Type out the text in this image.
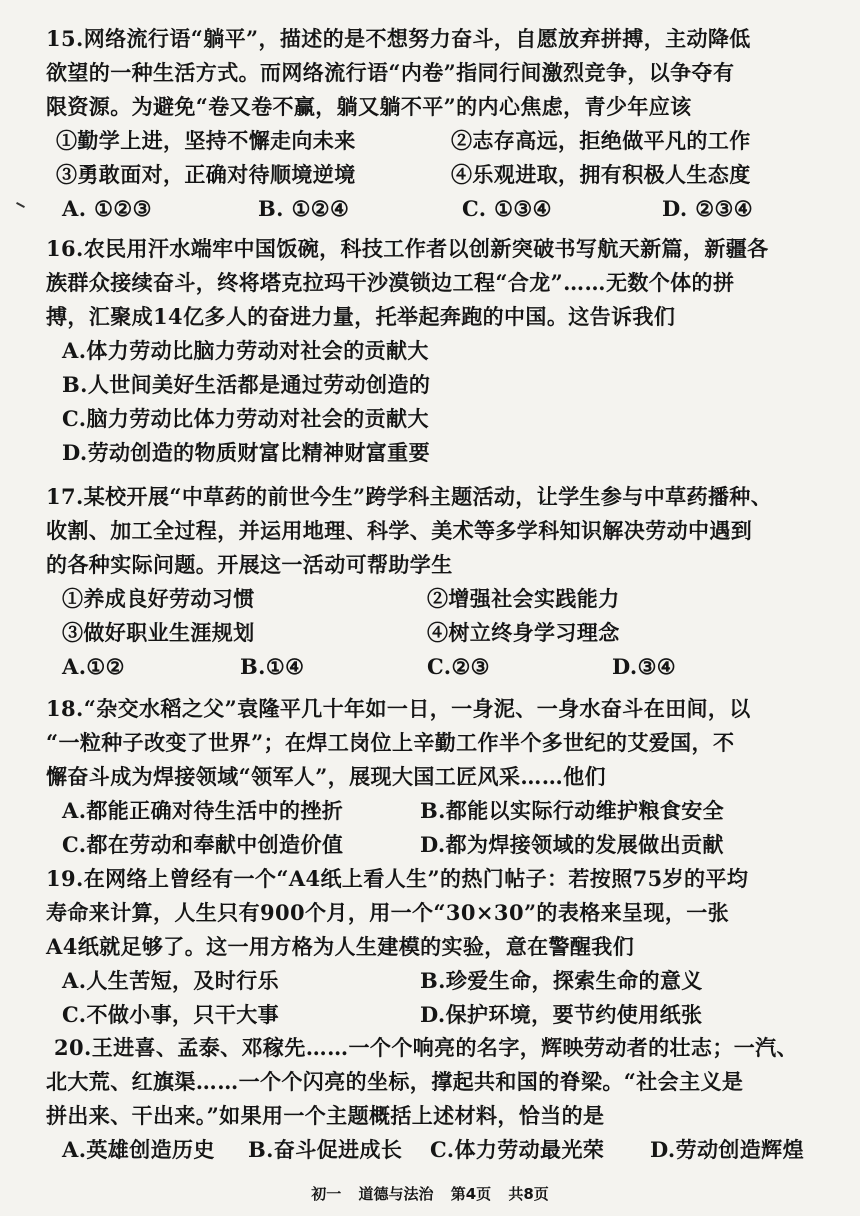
15.网络流行语“躺平”，描述的是不想努力奋斗，自愿放弃拼搏，主动降低

欲望的一种生活方式。而网络流行语“内卷”指同行间激烈竞争，以争夺有

限资源。为避免“卷又卷不赢，躺又躺不平”的内心焦虑，青少年应该

①勤学上进，坚持不懈走向未来	②志存高远，拒绝做平凡的工作
③勇敢面对，正确对待顺境逆境	④乐观进取，拥有积极人生态度
A. ①②③	B. ①②④	C. ①③④	D. ②③④

16.农民用汗水端牢中国饭碗，科技工作者以创新突破书写航天新篇，新疆各

族群众接续奋斗，终将塔克拉玛干沙漠锁边工程“合龙”……无数个体的拼

搏，汇聚成14亿多人的奋进力量，托举起奔跑的中国。这告诉我们

A.体力劳动比脑力劳动对社会的贡献大

B.人世间美好生活都是通过劳动创造的

C.脑力劳动比体力劳动对社会的贡献大

D.劳动创造的物质财富比精神财富重要

17.某校开展“中草药的前世今生”跨学科主题活动，让学生参与中草药播种、

收割、加工全过程，并运用地理、科学、美术等多学科知识解决劳动中遇到

的各种实际问题。开展这一活动可帮助学生

①养成良好劳动习惯	②增强社会实践能力
③做好职业生涯规划	④树立终身学习理念
A.①②	B.①④	C.②③	D.③④

18.“杂交水稻之父”袁隆平几十年如一日，一身泥、一身水奋斗在田间，以

“一粒种子改变了世界”；在焊工岗位上辛勤工作半个多世纪的艾爱国，不

懈奋斗成为焊接领域“领军人”，展现大国工匠风采……他们

A.都能正确对待生活中的挫折	B.都能以实际行动维护粮食安全
C.都在劳动和奉献中创造价值	D.都为焊接领域的发展做出贡献

19.在网络上曾经有一个“A4纸上看人生”的热门帖子：若按照75岁的平均

寿命来计算，人生只有900个月，用一个“30×30”的表格来呈现，一张

A4纸就足够了。这一用方格为人生建模的实验，意在警醒我们

A.人生苦短，及时行乐	B.珍爱生命，探索生命的意义
C.不做小事，只干大事	D.保护环境，要节约使用纸张

20.王进喜、孟泰、邓稼先……一个个响亮的名字，辉映劳动者的壮志；一汽、

北大荒、红旗渠……一个个闪亮的坐标，撑起共和国的脊梁。“社会主义是

拼出来、干出来。”如果用一个主题概括上述材料，恰当的是

A.英雄创造历史	B.奋斗促进成长	C.体力劳动最光荣	D.劳动创造辉煌
初一 道德与法治 第4页 共8页
